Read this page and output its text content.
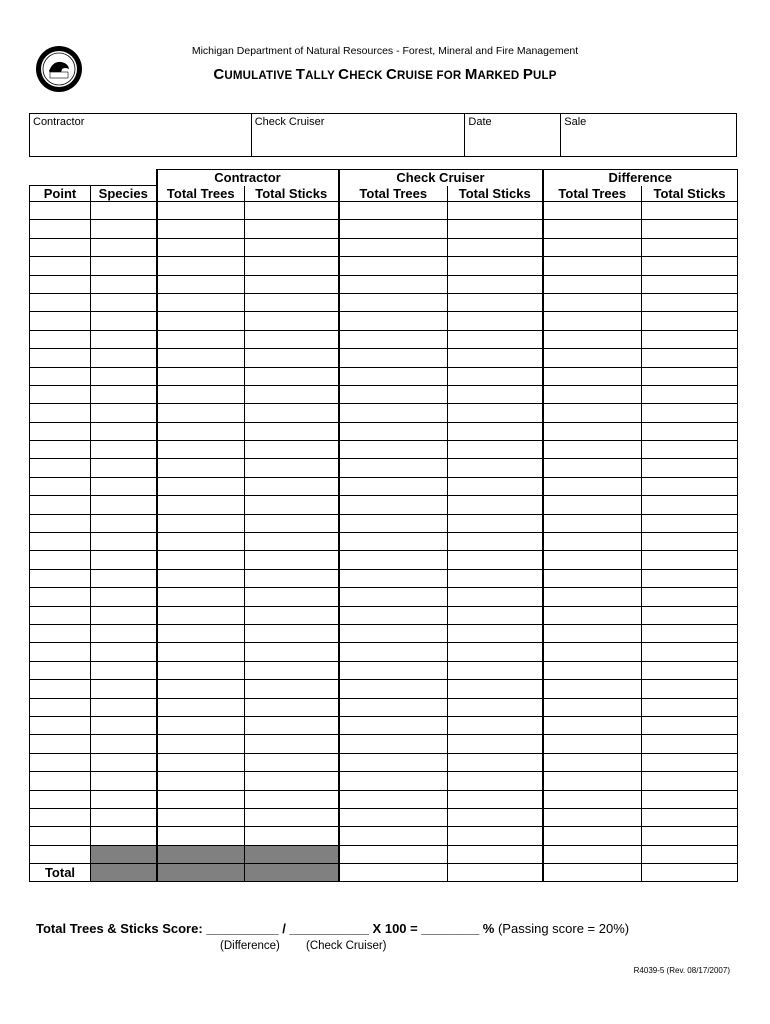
Michigan Department of Natural Resources - Forest, Mineral and Fire Management
CUMULATIVE TALLY CHECK CRUISE FOR MARKED PULP
Contractor	Check Cruiser	Date	Sale
		Contractor		Check Cruiser		Difference	
Point	Species	Total Trees	Total Sticks	Total Trees	Total Sticks	Total Trees	Total Sticks

Total							
Total Trees & Sticks Score: __________ / ___________ X 100 = ________ % (Passing score = 20%)
(Difference) (Check Cruiser)
R4039-5 (Rev. 08/17/2007)
